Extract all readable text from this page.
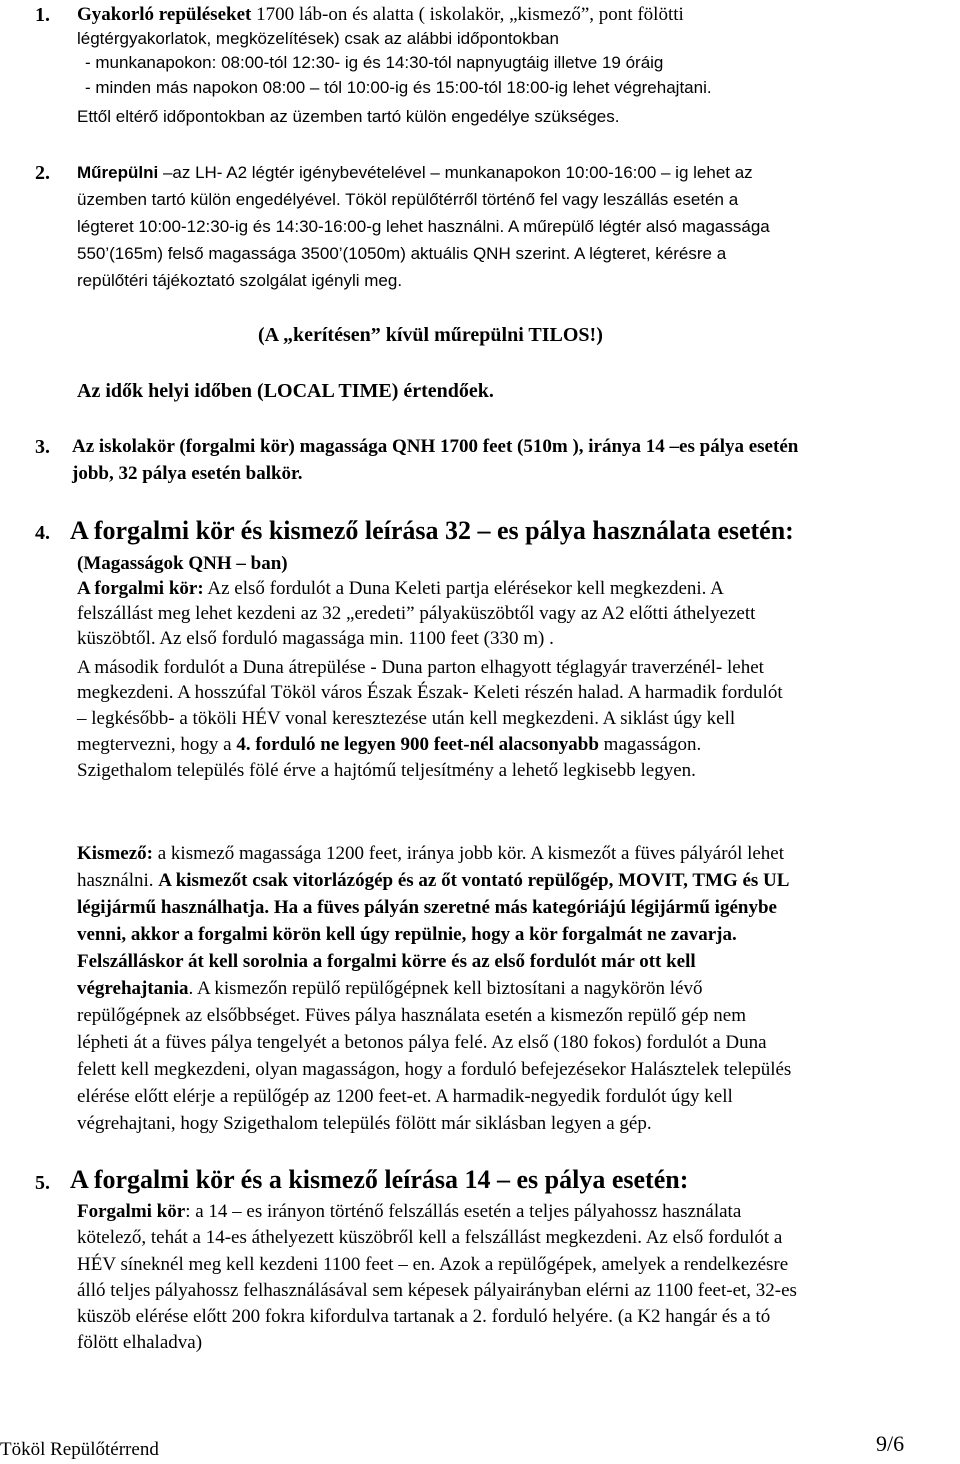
1. Gyakorló repüléseket 1700 láb-on és alatta ( iskolakör, „kismező”, pont fölötti
légtérgyakorlatok, megközelítések) csak az alábbi időpontokban
- munkanapokon: 08:00-tól 12:30- ig és 14:30-tól napnyugtáig illetve 19 óráig
- minden más napokon 08:00 – tól 10:00-ig és 15:00-tól 18:00-ig lehet végrehajtani.
Ettől eltérő időpontokban az üzemben tartó külön engedélye szükséges.
2. Műrepülni –az LH- A2 légtér igénybevételével – munkanapokon 10:00-16:00 – ig lehet az
üzemben tartó külön engedélyével. Tököl repülőtérről történő fel vagy leszállás esetén a
légteret 10:00-12:30-ig és 14:30-16:00-g lehet használni. A műrepülő légtér alsó magassága
550’(165m) felső magassága 3500’(1050m) aktuális QNH szerint. A légteret, kérésre a
repülőtéri tájékoztató szolgálat igényli meg.
(A „kerítésen” kívül műrepülni TILOS!)
Az idők helyi időben (LOCAL TIME) értendőek.
3. Az iskolakör (forgalmi kör) magassága QNH 1700 feet (510m ), iránya 14 –es pálya esetén
jobb, 32 pálya esetén balkör.
4. A forgalmi kör és kismező leírása 32 – es pálya használata esetén:
(Magasságok QNH – ban)
A forgalmi kör: Az első fordulót a Duna Keleti partja elérésekor kell megkezdeni. A
felszállást meg lehet kezdeni az 32 „eredeti” pályaküszöbtől vagy az A2 előtti áthelyezett
küszöbtől. Az első forduló magassága min. 1100 feet (330 m) .
A második fordulót a Duna átrepülése - Duna parton elhagyott téglagyár traverzénél- lehet
megkezdeni. A hosszúfal Tököl város Észak Észak- Keleti részén halad. A harmadik fordulót
– legkésőbb- a tököli HÉV vonal keresztezése után kell megkezdeni. A siklást úgy kell
megtervezni, hogy a 4. forduló ne legyen 900 feet-nél alacsonyabb magasságon.
Szigethalom település fölé érve a hajtómű teljesítmény a lehető legkisebb legyen.
Kismező: a kismező magassága 1200 feet, iránya jobb kör. A kismezőt a füves pályáról lehet
használni. A kismezőt csak vitorlázógép és az őt vontató repülőgép, MOVIT, TMG és UL
légijármű használhatja. Ha a füves pályán szeretné más kategóriájú légijármű igénybe
venni, akkor a forgalmi körön kell úgy repülnie, hogy a kör forgalmát ne zavarja.
Felszálláskor át kell sorolnia a forgalmi körre és az első fordulót már ott kell
végrehajtania. A kismezőn repülő repülőgépnek kell biztosítani a nagykörön lévő
repülőgépnek az elsőbbséget. Füves pálya használata esetén a kismezőn repülő gép nem
lépheti át a füves pálya tengelyét a betonos pálya felé. Az első (180 fokos) fordulót a Duna
felett kell megkezdeni, olyan magasságon, hogy a forduló befejezésekor Halásztelek település
elérése előtt elérje a repülőgép az 1200 feet-et. A harmadik-negyedik fordulót úgy kell
végrehajtani, hogy Szigethalom település fölött már siklásban legyen a gép.
5. A forgalmi kör és a kismező leírása 14 – es pálya esetén:
Forgalmi kör: a 14 – es irányon történő felszállás esetén a teljes pályahossz használata
kötelező, tehát a 14-es áthelyezett küszöbről kell a felszállást megkezdeni. Az első fordulót a
HÉV síneknél meg kell kezdeni 1100 feet – en. Azok a repülőgépek, amelyek a rendelkezésre
álló teljes pályahossz felhasználásával sem képesek pályairányban elérni az 1100 feet-et, 32-es
küszöb elérése előtt 200 fokra kifordulva tartanak a 2. forduló helyére. (a K2 hangár és a tó
fölött elhaladva)
Tököl Repülőtérrend	9/6
